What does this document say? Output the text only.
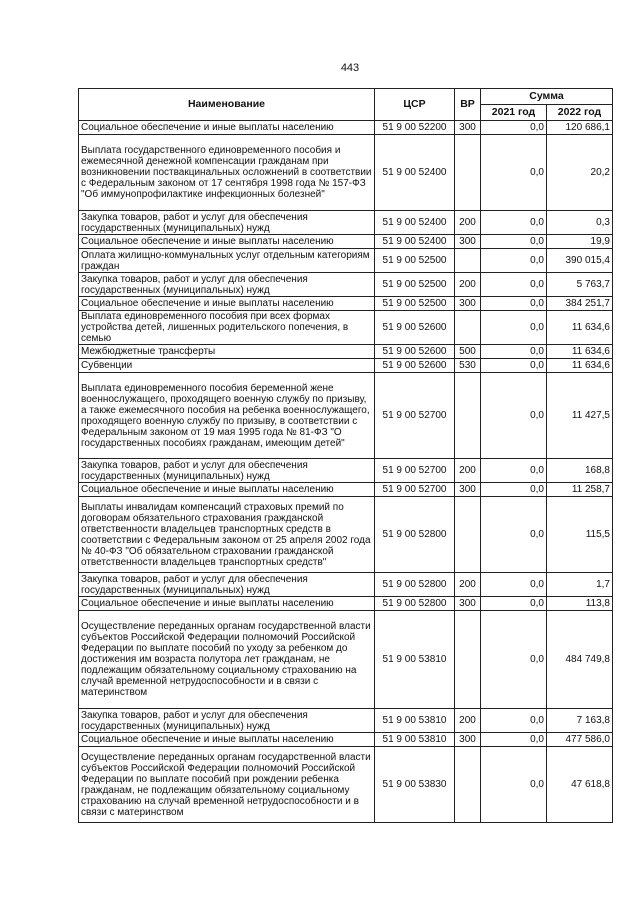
443
Наименование	ЦСР	ВР	Сумма	
			2021 год	2022 год
Социальное обеспечение и иные выплаты населению	51 9 00 52200	300	0,0	120 686,1
Выплата государственного единовременного пособия и ежемесячной денежной компенсации гражданам при возникновении поствакцинальных осложнений в соответствии с Федеральным законом от 17 сентября 1998 года № 157-ФЗ "Об иммунопрофилактике инфекционных болезней"	51 9 00 52400		0,0	20,2
Закупка товаров, работ и услуг для обеспечения государственных (муниципальных) нужд	51 9 00 52400	200	0,0	0,3
Социальное обеспечение и иные выплаты населению	51 9 00 52400	300	0,0	19,9
Оплата жилищно-коммунальных услуг отдельным категориям граждан	51 9 00 52500		0,0	390 015,4
Закупка товаров, работ и услуг для обеспечения государственных (муниципальных) нужд	51 9 00 52500	200	0,0	5 763,7
Социальное обеспечение и иные выплаты населению	51 9 00 52500	300	0,0	384 251,7
Выплата единовременного пособия при всех формах устройства детей, лишенных родительского попечения, в семью	51 9 00 52600		0,0	11 634,6
Межбюджетные трансферты	51 9 00 52600	500	0,0	11 634,6
Субвенции	51 9 00 52600	530	0,0	11 634,6
Выплата единовременного пособия беременной жене военнослужащего, проходящего военную службу по призыву, а также ежемесячного пособия на ребенка военнослужащего, проходящего военную службу по призыву, в соответствии с Федеральным законом от 19 мая 1995 года № 81-ФЗ "О государственных пособиях гражданам, имеющим детей"	51 9 00 52700		0,0	11 427,5
Закупка товаров, работ и услуг для обеспечения государственных (муниципальных) нужд	51 9 00 52700	200	0,0	168,8
Социальное обеспечение и иные выплаты населению	51 9 00 52700	300	0,0	11 258,7
Выплаты инвалидам компенсаций страховых премий по договорам обязательного страхования гражданской ответственности владельцев транспортных средств в соответствии с Федеральным законом от 25 апреля 2002 года № 40-ФЗ "Об обязательном страховании гражданской ответственности владельцев транспортных средств"	51 9 00 52800		0,0	115,5
Закупка товаров, работ и услуг для обеспечения государственных (муниципальных) нужд	51 9 00 52800	200	0,0	1,7
Социальное обеспечение и иные выплаты населению	51 9 00 52800	300	0,0	113,8
Осуществление переданных органам государственной власти субъектов Российской Федерации полномочий Российской Федерации по выплате пособий по уходу за ребенком до достижения им возраста полутора лет гражданам, не подлежащим обязательному социальному страхованию на случай временной нетрудоспособности и в связи с материнством	51 9 00 53810		0,0	484 749,8
Закупка товаров, работ и услуг для обеспечения государственных (муниципальных) нужд	51 9 00 53810	200	0,0	7 163,8
Социальное обеспечение и иные выплаты населению	51 9 00 53810	300	0,0	477 586,0
Осуществление переданных органам государственной власти субъектов Российской Федерации полномочий Российской Федерации по выплате пособий при рождении ребенка гражданам, не подлежащим обязательному социальному страхованию на случай временной нетрудоспособности и в связи с материнством	51 9 00 53830		0,0	47 618,8
